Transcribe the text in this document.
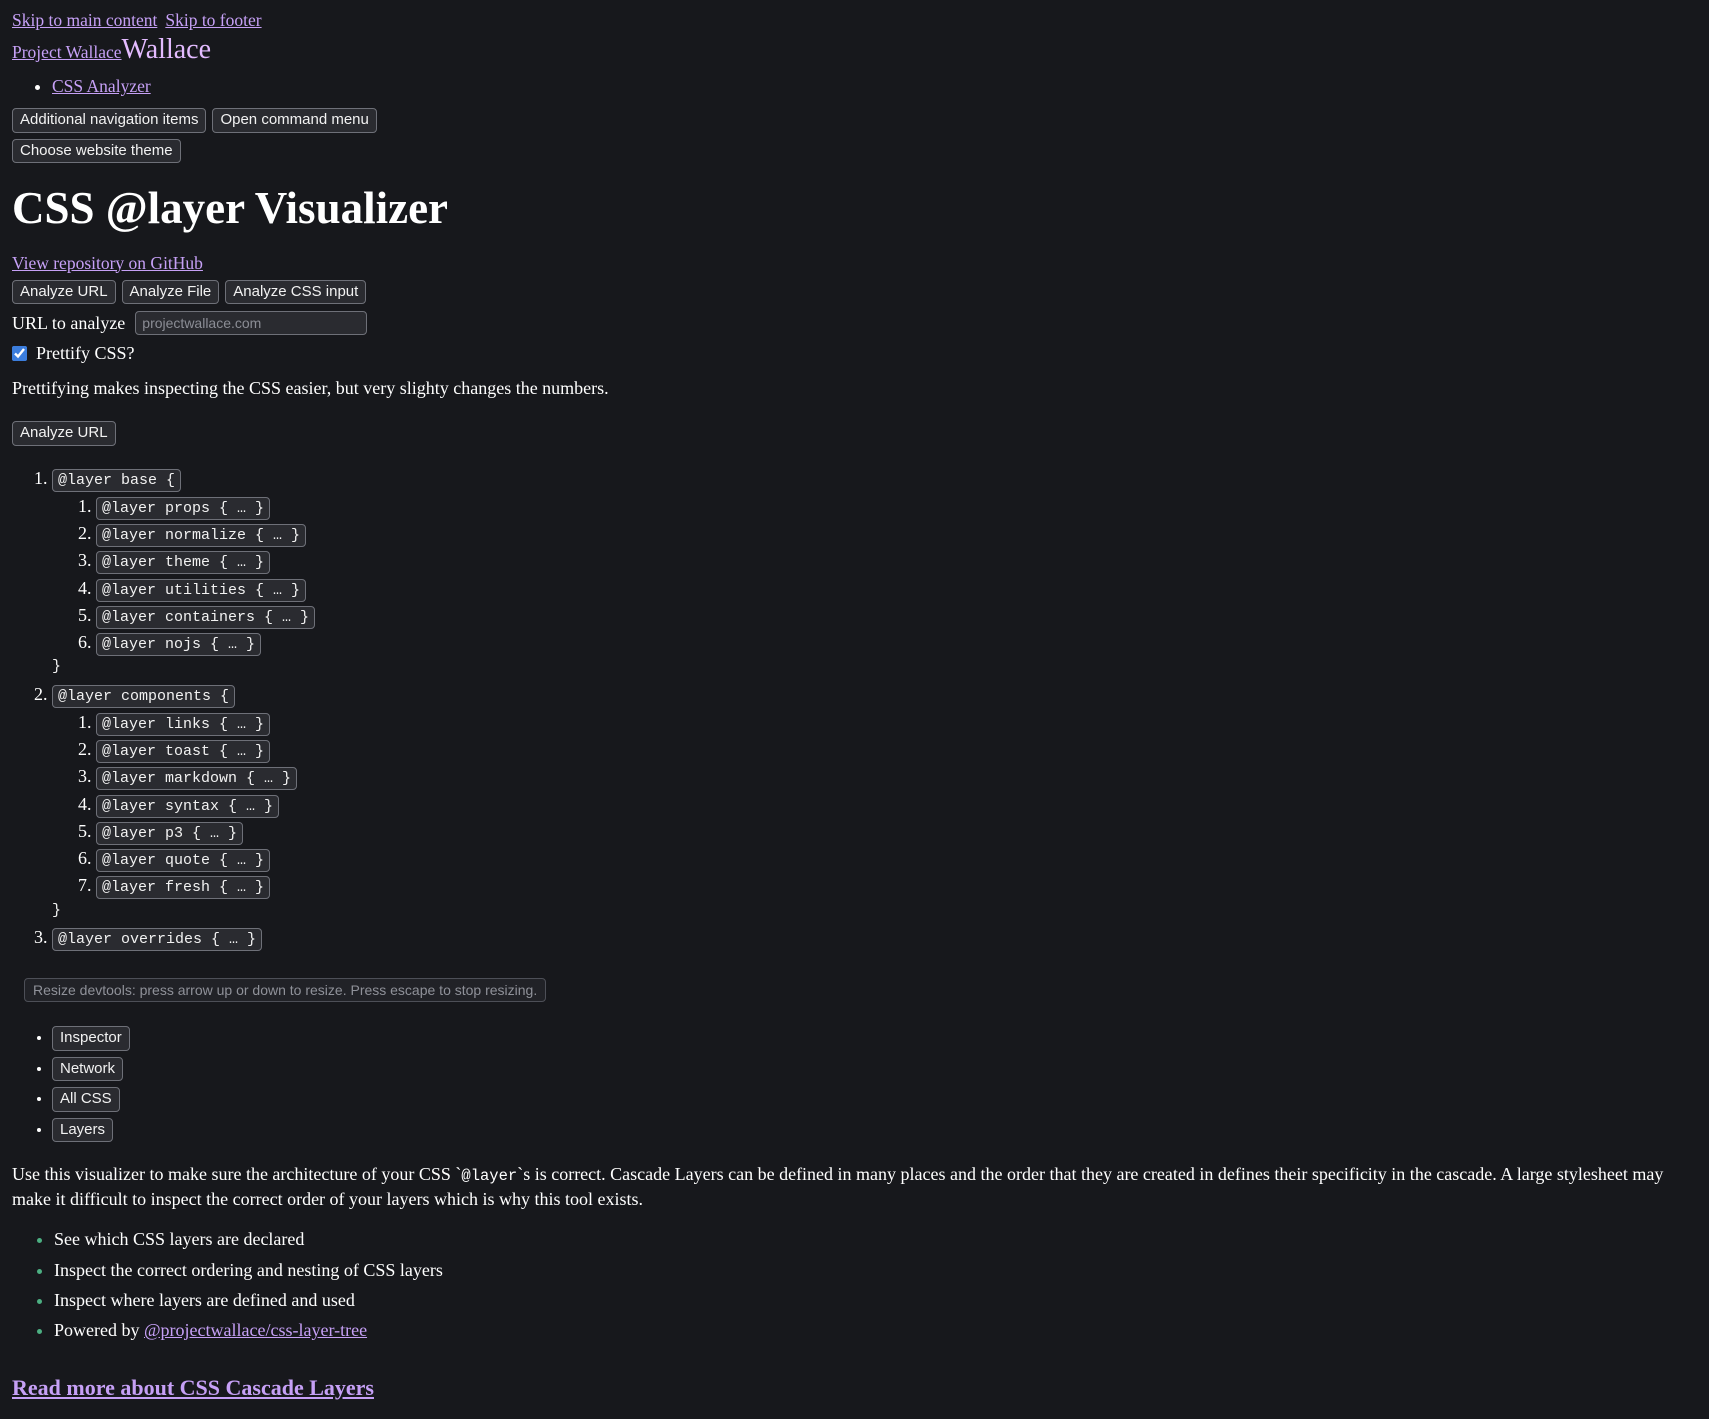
Skip to main content Skip to footer
Project Wallace Wallace
• CSS Analyzer
Additional navigation items	Open command menu
Choose website theme
CSS @layer Visualizer
View repository on GitHub
Analyze URL	Analyze File	Analyze CSS input
URL to analyze
projectwallace.com
Prettify CSS?

Prettifying makes inspecting the CSS easier, but very slighty changes the numbers.

Analyze URL
1. @layer base {
1. @layer props { … }
2. @layer normalize { … }
3. @layer theme { … }
4. @layer utilities { … }
5. @layer containers { … }
6. @layer nojs { … }
}
2. @layer components {
1. @layer links { … }
2. @layer toast { … }
3. @layer markdown { … }
4. @layer syntax { … }
5. @layer p3 { … }
6. @layer quote { … }
7. @layer fresh { … }
}
3. @layer overrides { … }
Resize devtools: press arrow up or down to resize. Press escape to stop resizing.
• Inspector
• Network
• All CSS
• Layers

Use this visualizer to make sure the architecture of your CSS `@layer`s is correct. Cascade Layers can be defined in many places and the order that they are created in defines their specificity in the cascade. A large stylesheet may make it difficult to inspect the correct order of your layers which is why this tool exists.

• See which CSS layers are declared
• Inspect the correct ordering and nesting of CSS layers
• Inspect where layers are defined and used
• Powered by @projectwallace/css-layer-tree
Read more about CSS Cascade Layers
